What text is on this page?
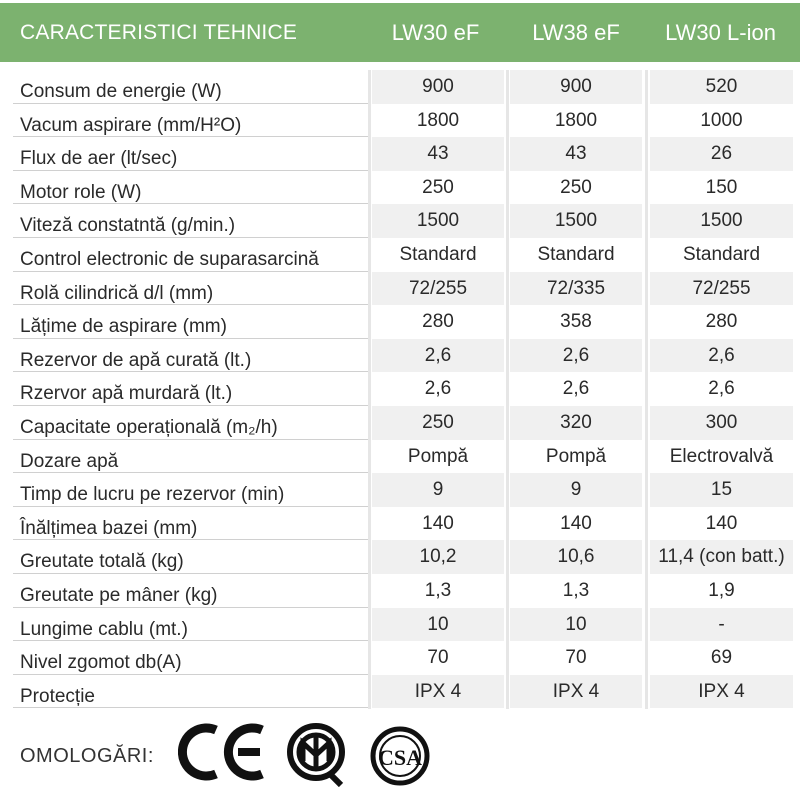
CARACTERISTICI TEHNICE	LW30 eF	LW38 eF	LW30 L-ion
Consum de energie (W)	900	900	520
Vacum aspirare (mm/H²O)	1800	1800	1000
Flux de aer (lt/sec)	43	43	26
Motor role (W)	250	250	150
Viteză constatntă (g/min.)	1500	1500	1500
Control electronic de suparasarcină	Standard	Standard	Standard
Rolă cilindrică d/l (mm)	72/255	72/335	72/255
Lățime de aspirare (mm)	280	358	280
Rezervor de apă curată (lt.)	2,6	2,6	2,6
Rzervor apă murdară (lt.)	2,6	2,6	2,6
Capacitate operațională (m₂/h)	250	320	300
Dozare apă	Pompă	Pompă	Electrovalvă
Timp de lucru pe rezervor (min)	9	9	15
Înălțimea bazei (mm)	140	140	140
Greutate totală (kg)	10,2	10,6	11,4 (con batt.)
Greutate pe mâner (kg)	1,3	1,3	1,9
Lungime cablu (mt.)	10	10	-
Nivel zgomot db(A)	70	70	69
Protecție	IPX 4	IPX 4	IPX 4
OMOLOGĂRI:	CSA
